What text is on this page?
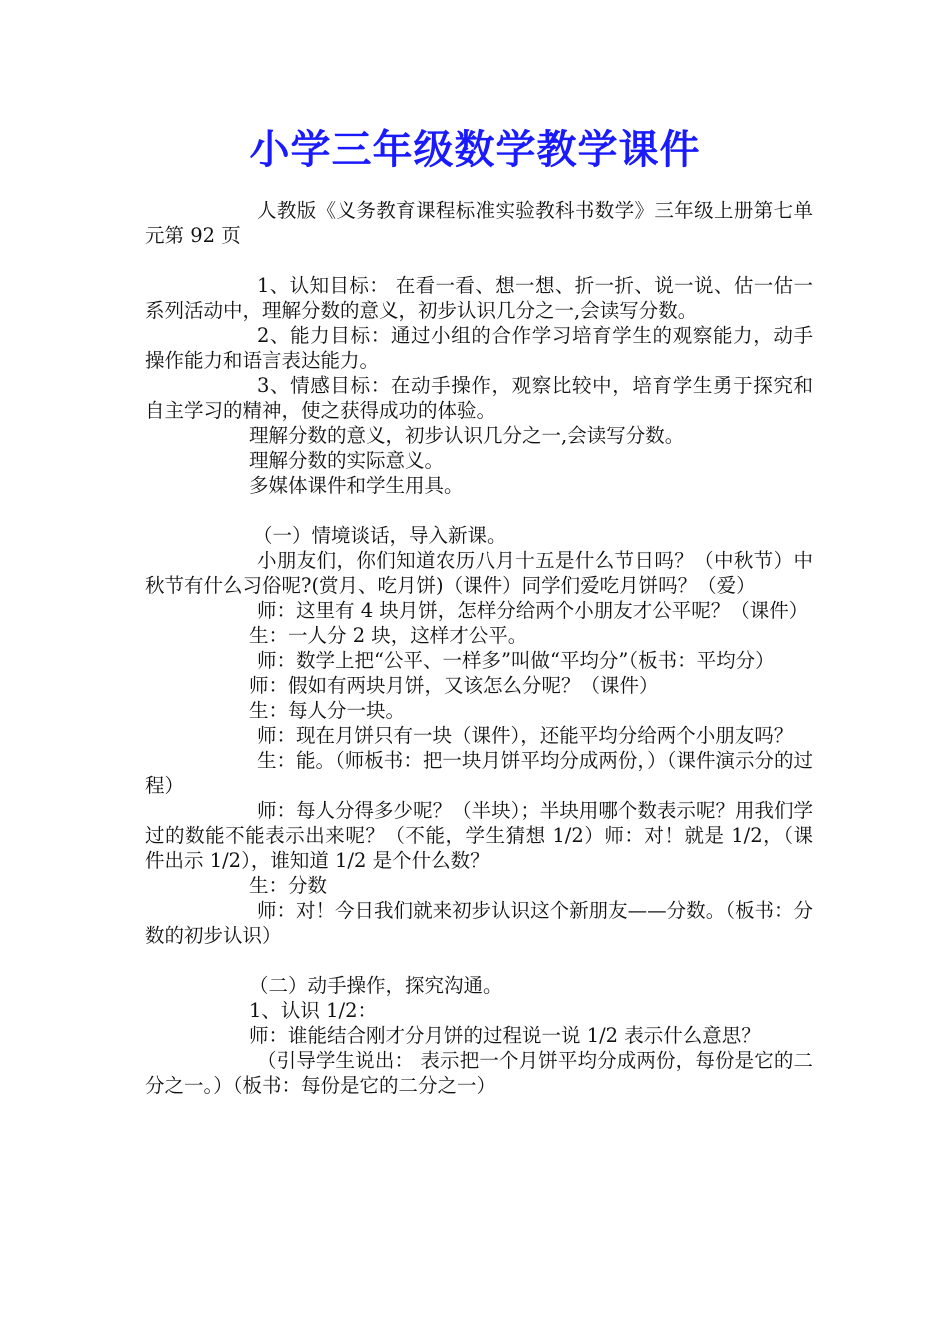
小学三年级数学教学课件

人教版《义务教育课程标准实验教科书数学》三年级上册第七单元第 92 页

1、认知目标： 在看一看、想一想、折一折、说一说、估一估一系列活动中，理解分数的意义，初步认识几分之一,会读写分数。

2、能力目标：通过小组的合作学习培育学生的观察能力，动手操作能力和语言表达能力。

3、情感目标：在动手操作，观察比较中，培育学生勇于探究和自主学习的精神，使之获得成功的体验。

理解分数的意义，初步认识几分之一,会读写分数。

理解分数的实际意义。

多媒体课件和学生用具。

（一）情境谈话，导入新课。

小朋友们，你们知道农历八月十五是什么节日吗？（中秋节）中秋节有什么习俗呢?(赏月、吃月饼)（课件）同学们爱吃月饼吗？（爱）

师：这里有 4 块月饼，怎样分给两个小朋友才公平呢？（课件）

生：一人分 2 块，这样才公平。

师：数学上把“公平、一样多”叫做“平均分”（板书：平均分）

师：假如有两块月饼，又该怎么分呢？（课件）

生：每人分一块。

师：现在月饼只有一块（课件），还能平均分给两个小朋友吗？

生：能。（师板书：把一块月饼平均分成两份，）（课件演示分的过程）

师：每人分得多少呢？（半块）；半块用哪个数表示呢？用我们学过的数能不能表示出来呢？（不能，学生猜想 1/2）师：对！就是 1/2，（课件出示 1/2），谁知道 1/2 是个什么数？

生：分数

师：对！今日我们就来初步认识这个新朋友——分数。（板书：分数的初步认识）

（二）动手操作，探究沟通。

1、认识 1/2：

师：谁能结合刚才分月饼的过程说一说 1/2 表示什么意思？

（引导学生说出： 表示把一个月饼平均分成两份，每份是它的二分之一。）（板书：每份是它的二分之一）
